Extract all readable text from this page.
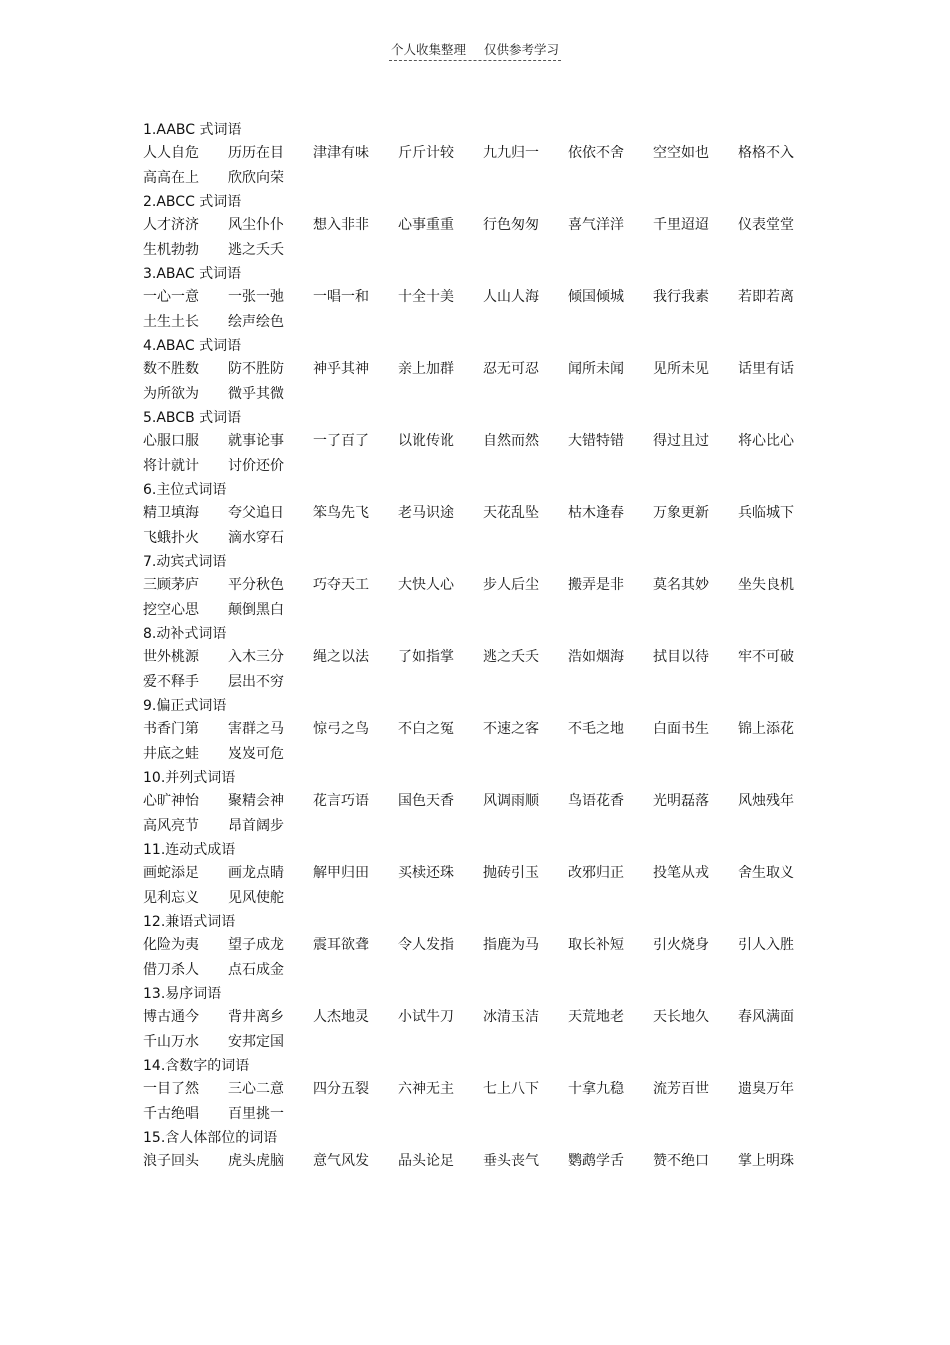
个人收集整理 仅供参考学习
1.AABC 式词语
人人自危	历历在目	津津有味	斤斤计较	九九归一	依依不舍	空空如也	格格不入
高高在上	欣欣向荣
2.ABCC 式词语
人才济济	风尘仆仆	想入非非	心事重重	行色匆匆	喜气洋洋	千里迢迢	仪表堂堂
生机勃勃	逃之夭夭
3.ABAC 式词语
一心一意	一张一弛	一唱一和	十全十美	人山人海	倾国倾城	我行我素	若即若离
土生土长	绘声绘色
4.ABAC 式词语
数不胜数	防不胜防	神乎其神	亲上加群	忍无可忍	闻所未闻	见所未见	话里有话
为所欲为	微乎其微
5.ABCB 式词语
心服口服	就事论事	一了百了	以讹传讹	自然而然	大错特错	得过且过	将心比心
将计就计	讨价还价
6.主位式词语
精卫填海	夸父追日	笨鸟先飞	老马识途	天花乱坠	枯木逢春	万象更新	兵临城下
飞蛾扑火	滴水穿石
7.动宾式词语
三顾茅庐	平分秋色	巧夺天工	大快人心	步人后尘	搬弄是非	莫名其妙	坐失良机
挖空心思	颠倒黑白
8.动补式词语
世外桃源	入木三分	绳之以法	了如指掌	逃之夭夭	浩如烟海	拭目以待	牢不可破
爱不释手	层出不穷
9.偏正式词语
书香门第	害群之马	惊弓之鸟	不白之冤	不速之客	不毛之地	白面书生	锦上添花
井底之蛙	岌岌可危
10.并列式词语
心旷神怡	聚精会神	花言巧语	国色天香	风调雨顺	鸟语花香	光明磊落	风烛残年
高风亮节	昂首阔步
11.连动式成语
画蛇添足	画龙点睛	解甲归田	买椟还珠	抛砖引玉	改邪归正	投笔从戎	舍生取义
见利忘义	见风使舵
12.兼语式词语
化险为夷	望子成龙	震耳欲聋	令人发指	指鹿为马	取长补短	引火烧身	引人入胜
借刀杀人	点石成金
13.易序词语
博古通今	背井离乡	人杰地灵	小试牛刀	冰清玉洁	天荒地老	天长地久	春风满面
千山万水	安邦定国
14.含数字的词语
一目了然	三心二意	四分五裂	六神无主	七上八下	十拿九稳	流芳百世	遗臭万年
千古绝唱	百里挑一
15.含人体部位的词语
浪子回头	虎头虎脑	意气风发	品头论足	垂头丧气	鹦鹉学舌	赞不绝口	掌上明珠
